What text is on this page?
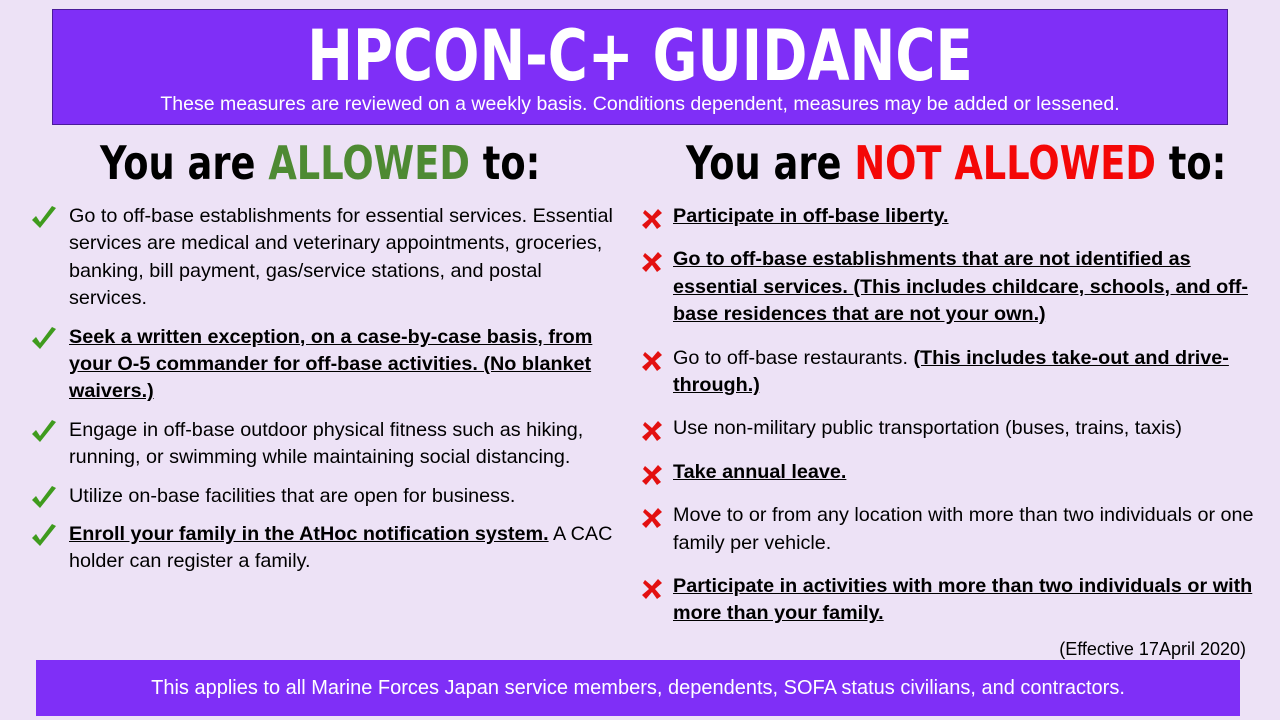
HPCON-C+ GUIDANCE
These measures are reviewed on a weekly basis. Conditions dependent, measures may be added or lessened.
You are ALLOWED to:	You are NOT ALLOWED to:
Go to off-base establishments for essential services. Essential services are medical and veterinary appointments, groceries, banking, bill payment, gas/service stations, and postal services.
Seek a written exception, on a case-by-case basis, from your O-5 commander for off-base activities. (No blanket waivers.)
Engage in off-base outdoor physical fitness such as hiking, running, or swimming while maintaining social distancing.
Utilize on-base facilities that are open for business.
Enroll your family in the AtHoc notification system. A CAC holder can register a family.
Participate in off-base liberty.
Go to off-base establishments that are not identified as essential services. (This includes childcare, schools, and off-base residences that are not your own.)
Go to off-base restaurants. (This includes take-out and drive-through.)
Use non-military public transportation (buses, trains, taxis)
Take annual leave.
Move to or from any location with more than two individuals or one family per vehicle.
Participate in activities with more than two individuals or with more than your family.
(Effective 17April 2020)
This applies to all Marine Forces Japan service members, dependents, SOFA status civilians, and contractors.
